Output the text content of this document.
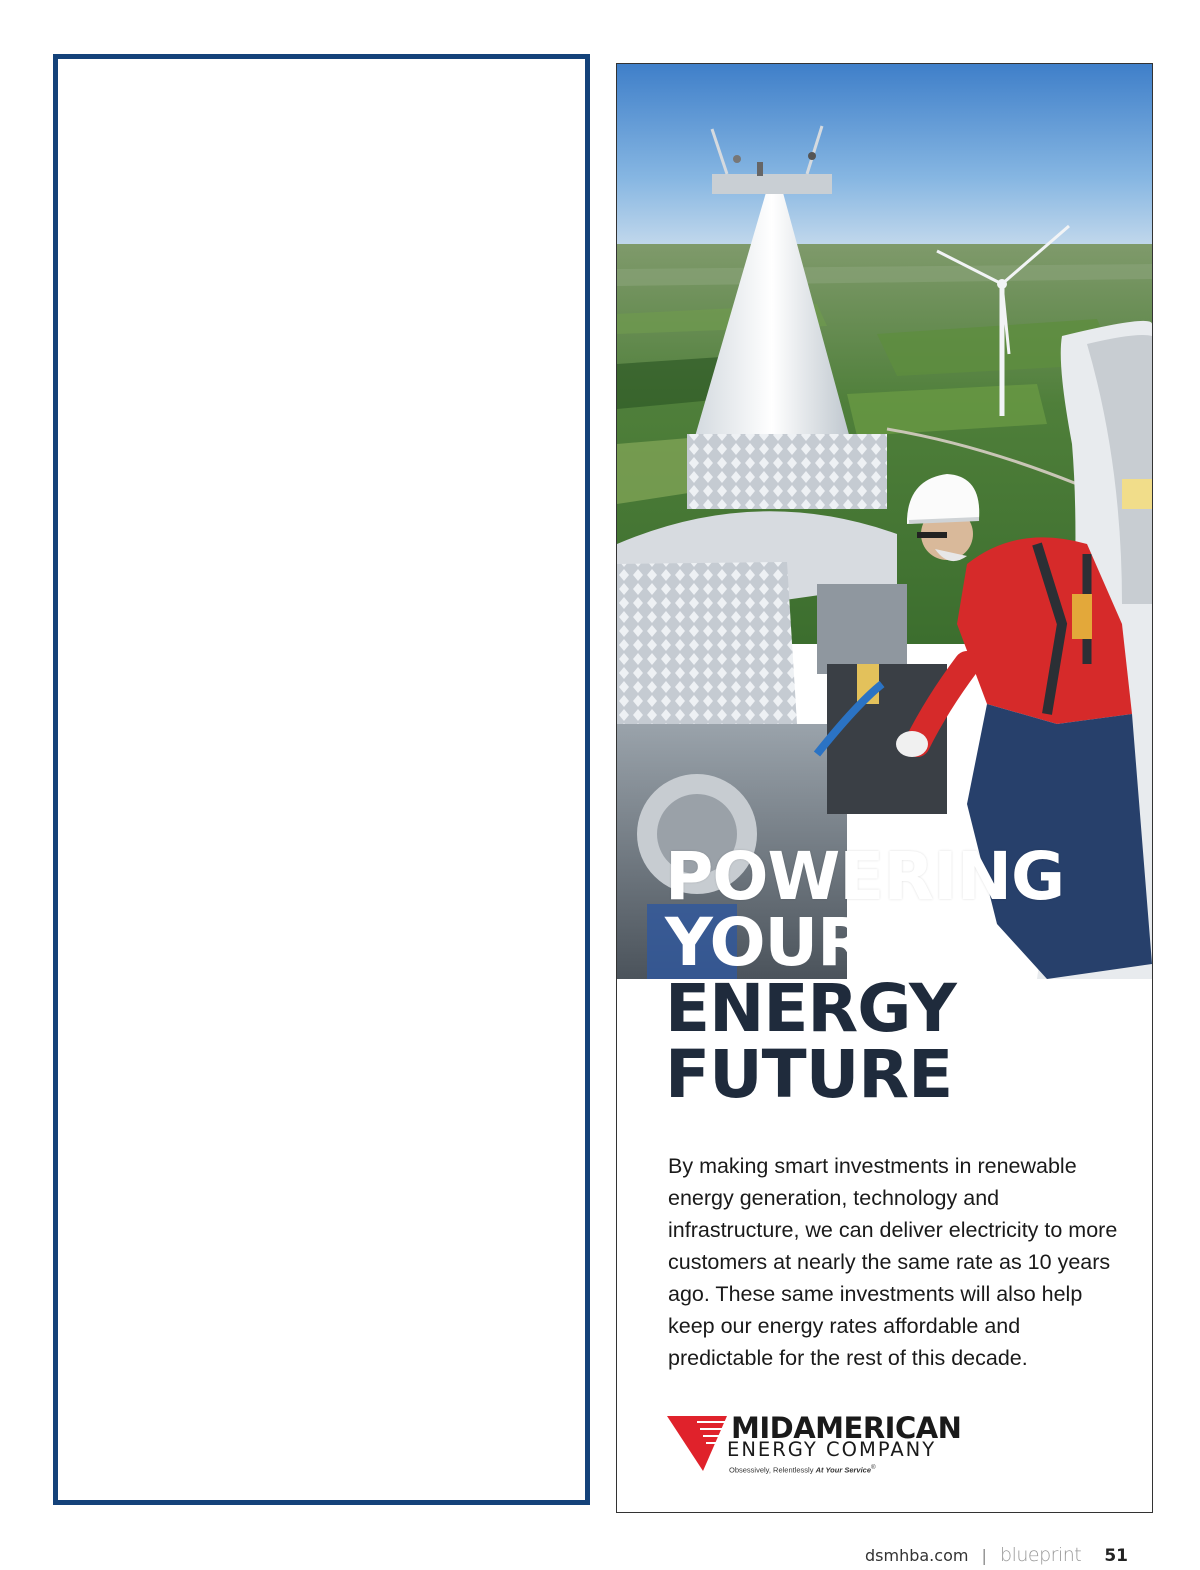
POWERING
YOUR
ENERGY
FUTURE

By making smart investments in renewable energy generation, technology and infrastructure, we can deliver electricity to more customers at nearly the same rate as 10 years ago. These same investments will also help keep our energy rates affordable and predictable for the rest of this decade.

MIDAMERICAN
ENERGY COMPANY
Obsessively, Relentlessly At Your Service®
dsmhba.com | blueprint 51
